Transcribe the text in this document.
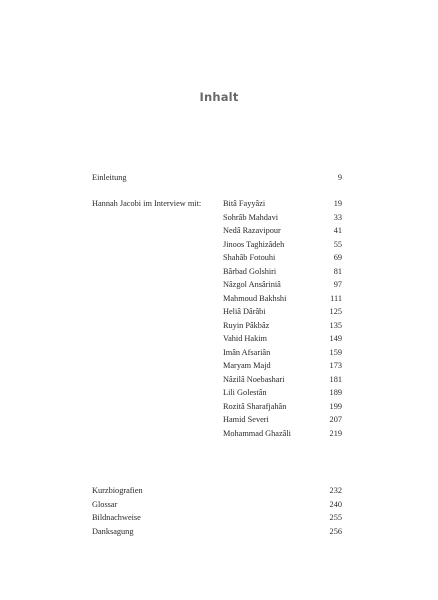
Inhalt
Einleitung	9
Hannah Jacobi im Interview mit:	Bitâ Fayyâzi	19
Sohrâb Mahdavi	33
Nedâ Razavipour	41
Jinoos Taghizâdeh	55
Shahâb Fotouhi	69
Bârbad Golshiri	81
Nâzgol Ansâriniâ	97
Mahmoud Bakhshi	111
Heliâ Dârâbi	125
Ruyin Pâkbâz	135
Vahid Hakim	149
Imân Afsariân	159
Maryam Majd	173
Nâzilâ Noebashari	181
Lili Golestân	189
Rozitâ Sharafjahân	199
Hamid Severi	207
Mohammad Ghazâli	219
Kurzbiografien	232
Glossar	240
Bildnachweise	255
Danksagung	256
